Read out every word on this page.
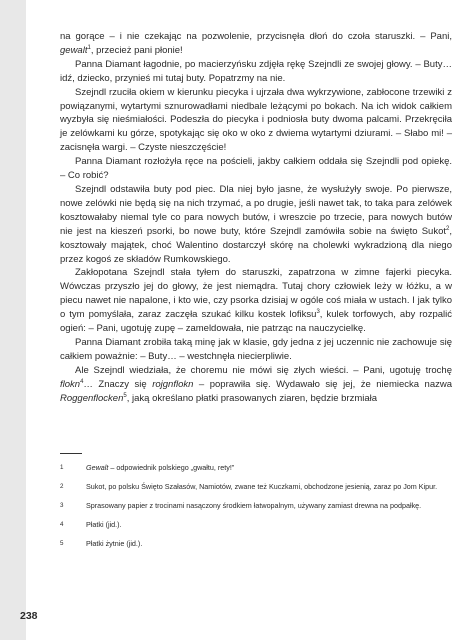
na gorące – i nie czekając na pozwolenie, przycisnęła dłoń do czoła staruszki. – Pani, gewalt$^1$, przecież pani płonie!

Panna Diamant łagodnie, po macierzyńsku zdjęła rękę Szejndli ze swojej głowy. – Buty… idź, dziecko, przynieś mi tutaj buty. Popatrzmy na nie.

Szejndl rzuciła okiem w kierunku piecyka i ujrzała dwa wykrzywione, zabłocone trzewiki z powiązanymi, wytartymi sznurowadłami niedbale leżącymi po bokach. Na ich widok całkiem wyzbyła się nieśmiałości. Podeszła do piecyka i podniosła buty dwoma palcami. Przekręciła je zelówkami ku górze, spotykając się oko w oko z dwiema wytartymi dziurami. – Słabo mi! – zacisnęła wargi. – Czyste nieszczęście!

Panna Diamant rozłożyła ręce na pościeli, jakby całkiem oddała się Szejndli pod opiekę. – Co robić?

Szejndl odstawiła buty pod piec. Dla niej było jasne, że wysłużyły swoje. Po pierwsze, nowe zelówki nie będą się na nich trzymać, a po drugie, jeśli nawet tak, to taka para zelówek kosztowałaby niemal tyle co para nowych butów, i wreszcie po trzecie, para nowych butów nie jest na kieszeń psorki, bo nowe buty, które Szejndl zamówiła sobie na święto Sukot$^2$, kosztowały majątek, choć Walentino dostarczył skórę na cholewki wykradzioną dla niego przez kogoś ze składów Rumkowskiego.

Zakłopotana Szejndl stała tyłem do staruszki, zapatrzona w zimne fajerki piecyka. Wówczas przyszło jej do głowy, że jest niemądra. Tutaj chory człowiek leży w łóżku, a w piecu nawet nie napalone, i kto wie, czy psorka dzisiaj w ogóle coś miała w ustach. I jak tylko o tym pomyślała, zaraz zaczęła szukać kilku kostek lofiksu$^3$, kulek torfowych, aby rozpalić ogień: – Pani, ugotuję zupę – zameldowała, nie patrząc na nauczycielkę.

Panna Diamant zrobiła taką minę jak w klasie, gdy jedna z jej uczennic nie zachowuje się całkiem poważnie: – Buty… – westchnęła niecierpliwie.

Ale Szejndl wiedziała, że choremu nie mówi się złych wieści. – Pani, ugotuję trochę flokn$^4$… Znaczy się rojgnflokn – poprawiła się. Wydawało się jej, że niemiecka nazwa Roggenflocken$^5$, jaką określano płatki prasowanych ziaren, będzie brzmiała

1	Gewalt – odpowiednik polskiego „gwałtu, rety!”
2	Sukot, po polsku Święto Szałasów, Namiotów, zwane też Kuczkami, obchodzone jesienią, zaraz po Jom Kipur.
3	Sprasowany papier z trocinami nasączony środkiem łatwopalnym, używany zamiast drewna na podpałkę.
4	Płatki (jid.).
5	Płatki żytnie (jid.).
238
